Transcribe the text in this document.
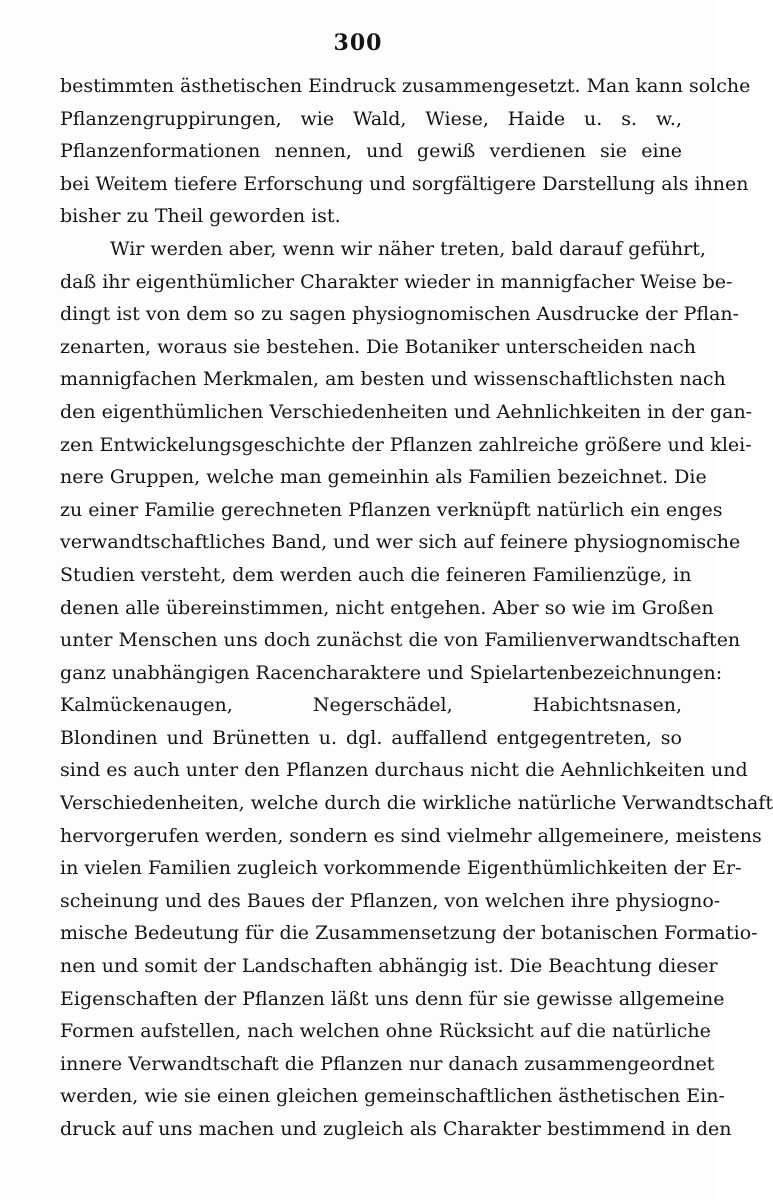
300
bestimmten ästhetischen Eindruck zusammengesetzt. Man kann solche
Pflanzengruppirungen, wie Wald, Wiese, Haide u. s. w.,
Pflanzenformationen nennen, und gewiß verdienen sie eine
bei Weitem tiefere Erforschung und sorgfältigere Darstellung als ihnen
bisher zu Theil geworden ist.
Wir werden aber, wenn wir näher treten, bald darauf geführt,
daß ihr eigenthümlicher Charakter wieder in mannigfacher Weise be-
dingt ist von dem so zu sagen physiognomischen Ausdrucke der Pflan-
zenarten, woraus sie bestehen. Die Botaniker unterscheiden nach
mannigfachen Merkmalen, am besten und wissenschaftlichsten nach
den eigenthümlichen Verschiedenheiten und Aehnlichkeiten in der gan-
zen Entwickelungsgeschichte der Pflanzen zahlreiche größere und klei-
nere Gruppen, welche man gemeinhin als Familien bezeichnet. Die
zu einer Familie gerechneten Pflanzen verknüpft natürlich ein enges
verwandtschaftliches Band, und wer sich auf feinere physiognomische
Studien versteht, dem werden auch die feineren Familienzüge, in
denen alle übereinstimmen, nicht entgehen. Aber so wie im Großen
unter Menschen uns doch zunächst die von Familienverwandtschaften
ganz unabhängigen Racencharaktere und Spielartenbezeichnungen:
Kalmückenaugen, Negerschädel, Habichtsnasen,
Blondinen und Brünetten u. dgl. auffallend entgegentreten, so
sind es auch unter den Pflanzen durchaus nicht die Aehnlichkeiten und
Verschiedenheiten, welche durch die wirkliche natürliche Verwandtschaft
hervorgerufen werden, sondern es sind vielmehr allgemeinere, meistens
in vielen Familien zugleich vorkommende Eigenthümlichkeiten der Er-
scheinung und des Baues der Pflanzen, von welchen ihre physiogno-
mische Bedeutung für die Zusammensetzung der botanischen Formatio-
nen und somit der Landschaften abhängig ist. Die Beachtung dieser
Eigenschaften der Pflanzen läßt uns denn für sie gewisse allgemeine
Formen aufstellen, nach welchen ohne Rücksicht auf die natürliche
innere Verwandtschaft die Pflanzen nur danach zusammengeordnet
werden, wie sie einen gleichen gemeinschaftlichen ästhetischen Ein-
druck auf uns machen und zugleich als Charakter bestimmend in den
